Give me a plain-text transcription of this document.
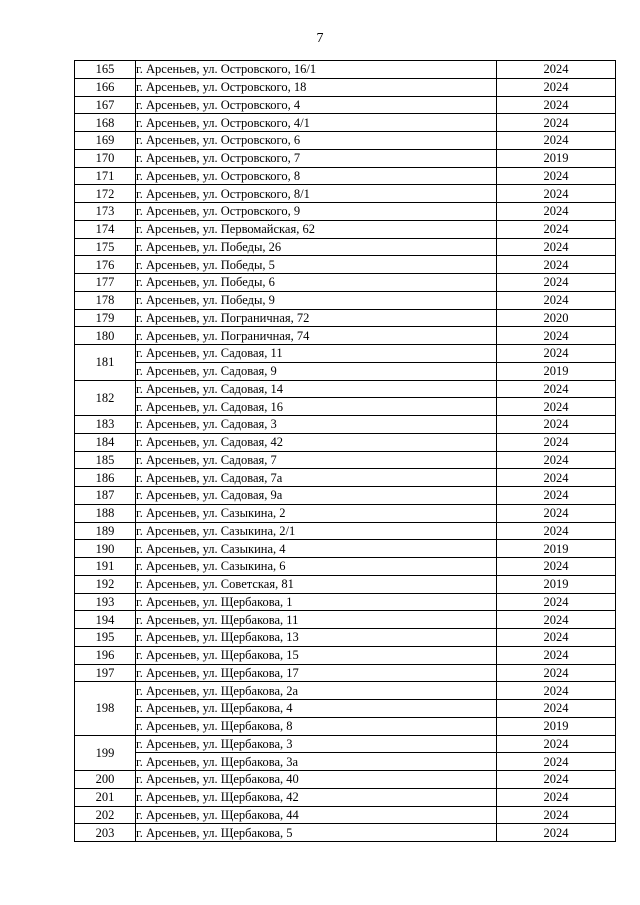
7
165	г. Арсеньев, ул. Островского, 16/1	2024
166	г. Арсеньев, ул. Островского, 18	2024
167	г. Арсеньев, ул. Островского, 4	2024
168	г. Арсеньев, ул. Островского, 4/1	2024
169	г. Арсеньев, ул. Островского, 6	2024
170	г. Арсеньев, ул. Островского, 7	2019
171	г. Арсеньев, ул. Островского, 8	2024
172	г. Арсеньев, ул. Островского, 8/1	2024
173	г. Арсеньев, ул. Островского, 9	2024
174	г. Арсеньев, ул. Первомайская, 62	2024
175	г. Арсеньев, ул. Победы, 26	2024
176	г. Арсеньев, ул. Победы, 5	2024
177	г. Арсеньев, ул. Победы, 6	2024
178	г. Арсеньев, ул. Победы, 9	2024
179	г. Арсеньев, ул. Пограничная, 72	2020
180	г. Арсеньев, ул. Пограничная, 74	2024
181	г. Арсеньев, ул. Садовая, 11	2024
	г. Арсеньев, ул. Садовая, 9	2019
182	г. Арсеньев, ул. Садовая, 14	2024
	г. Арсеньев, ул. Садовая, 16	2024
183	г. Арсеньев, ул. Садовая, 3	2024
184	г. Арсеньев, ул. Садовая, 42	2024
185	г. Арсеньев, ул. Садовая, 7	2024
186	г. Арсеньев, ул. Садовая, 7а	2024
187	г. Арсеньев, ул. Садовая, 9а	2024
188	г. Арсеньев, ул. Сазыкина, 2	2024
189	г. Арсеньев, ул. Сазыкина, 2/1	2024
190	г. Арсеньев, ул. Сазыкина, 4	2019
191	г. Арсеньев, ул. Сазыкина, 6	2024
192	г. Арсеньев, ул. Советская, 81	2019
193	г. Арсеньев, ул. Щербакова, 1	2024
194	г. Арсеньев, ул. Щербакова, 11	2024
195	г. Арсеньев, ул. Щербакова, 13	2024
196	г. Арсеньев, ул. Щербакова, 15	2024
197	г. Арсеньев, ул. Щербакова, 17	2024
198	г. Арсеньев, ул. Щербакова, 2а	2024
	г. Арсеньев, ул. Щербакова, 4	2024
	г. Арсеньев, ул. Щербакова, 8	2019
199	г. Арсеньев, ул. Щербакова, 3	2024
	г. Арсеньев, ул. Щербакова, 3а	2024
200	г. Арсеньев, ул. Щербакова, 40	2024
201	г. Арсеньев, ул. Щербакова, 42	2024
202	г. Арсеньев, ул. Щербакова, 44	2024
203	г. Арсеньев, ул. Щербакова, 5	2024
